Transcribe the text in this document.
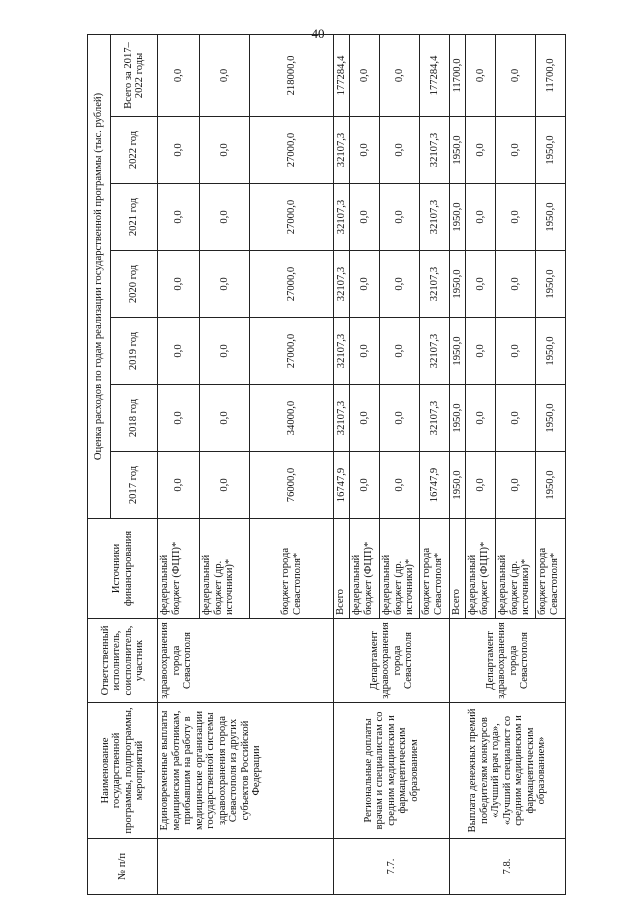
40
№ п/п	Наименование государственной программы, подпрограммы, мероприятий	Ответственный исполнитель, соисполнитель, участник	Источники финансирования	Оценка расходов по годам реализации государственной программы (тыс. рублей)						
				2017 год	2018 год	2019 год	2020 год	2021 год	2022 год	Всего за 2017–2022 годы
	Единовременные выплаты медицинским работникам, прибывшим на работу в медицинские организации государственной системы здравоохранения города Севастополя из других субъектов Российской Федерации	здравоохранения города Севастополя	федеральный бюджет (ФЦП)*	0,0	0,0	0,0	0,0	0,0	0,0	0,0
			федеральный бюджет (др. источники)*	0,0	0,0	0,0	0,0	0,0	0,0	0,0
			бюджет города Севастополя*	76000,0	34000,0	27000,0	27000,0	27000,0	27000,0	218000,0
7.7.	Региональные доплаты врачам и специалистам со средним медицинским и фармацевтическим образованием	Департамент здравоохранения города Севастополя	Всего	16747,9	32107,3	32107,3	32107,3	32107,3	32107,3	177284,4
			федеральный бюджет (ФЦП)*	0,0	0,0	0,0	0,0	0,0	0,0	0,0
			федеральный бюджет (др. источники)*	0,0	0,0	0,0	0,0	0,0	0,0	0,0
			бюджет города Севастополя*	16747,9	32107,3	32107,3	32107,3	32107,3	32107,3	177284,4
7.8.	Выплата денежных премий победителям конкурсов «Лучший врач года», «Лучший специалист со средним медицинским и фармацевтическим образованием»	Департамент здравоохранения города Севастополя	Всего	1950,0	1950,0	1950,0	1950,0	1950,0	1950,0	11700,0
			федеральный бюджет (ФЦП)*	0,0	0,0	0,0	0,0	0,0	0,0	0,0
			федеральный бюджет (др. источники)*	0,0	0,0	0,0	0,0	0,0	0,0	0,0
			бюджет города Севастополя*	1950,0	1950,0	1950,0	1950,0	1950,0	1950,0	11700,0
